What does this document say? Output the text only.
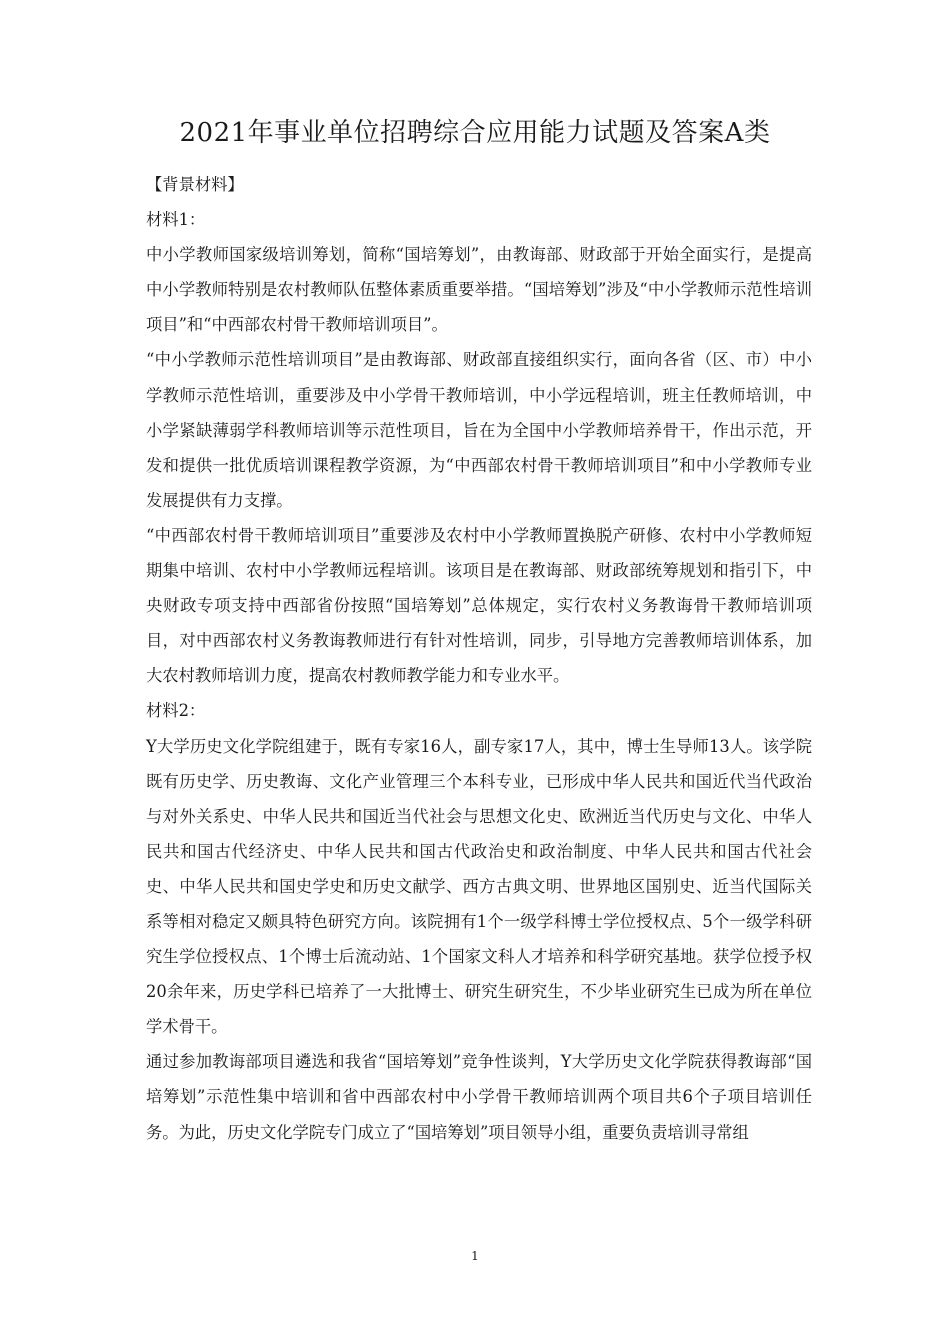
2021年事业单位招聘综合应用能力试题及答案A类

【背景材料】

材料1：

中小学教师国家级培训筹划，简称“国培筹划”，由教诲部、财政部于开始全面实行，是提高中小学教师特别是农村教师队伍整体素质重要举措。“国培筹划”涉及“中小学教师示范性培训项目”和“中西部农村骨干教师培训项目”。

“中小学教师示范性培训项目”是由教诲部、财政部直接组织实行，面向各省（区、市）中小学教师示范性培训，重要涉及中小学骨干教师培训，中小学远程培训，班主任教师培训，中小学紧缺薄弱学科教师培训等示范性项目，旨在为全国中小学教师培养骨干，作出示范，开发和提供一批优质培训课程教学资源，为“中西部农村骨干教师培训项目”和中小学教师专业发展提供有力支撑。

“中西部农村骨干教师培训项目”重要涉及农村中小学教师置换脱产研修、农村中小学教师短期集中培训、农村中小学教师远程培训。该项目是在教诲部、财政部统筹规划和指引下，中央财政专项支持中西部省份按照“国培筹划”总体规定，实行农村义务教诲骨干教师培训项目，对中西部农村义务教诲教师进行有针对性培训，同步，引导地方完善教师培训体系，加大农村教师培训力度，提高农村教师教学能力和专业水平。

材料2：

Y大学历史文化学院组建于，既有专家16人，副专家17人，其中，博士生导师13人。该学院既有历史学、历史教诲、文化产业管理三个本科专业，已形成中华人民共和国近代当代政治与对外关系史、中华人民共和国近当代社会与思想文化史、欧洲近当代历史与文化、中华人民共和国古代经济史、中华人民共和国古代政治史和政治制度、中华人民共和国古代社会史、中华人民共和国史学史和历史文献学、西方古典文明、世界地区国别史、近当代国际关系等相对稳定又颇具特色研究方向。该院拥有1个一级学科博士学位授权点、5个一级学科研究生学位授权点、1个博士后流动站、1个国家文科人才培养和科学研究基地。获学位授予权20余年来，历史学科已培养了一大批博士、研究生研究生，不少毕业研究生已成为所在单位学术骨干。

通过参加教诲部项目遴选和我省“国培筹划”竞争性谈判，Y大学历史文化学院获得教诲部“国培筹划”示范性集中培训和省中西部农村中小学骨干教师培训两个项目共6个子项目培训任务。为此，历史文化学院专门成立了“国培筹划”项目领导小组，重要负责培训寻常组

1
